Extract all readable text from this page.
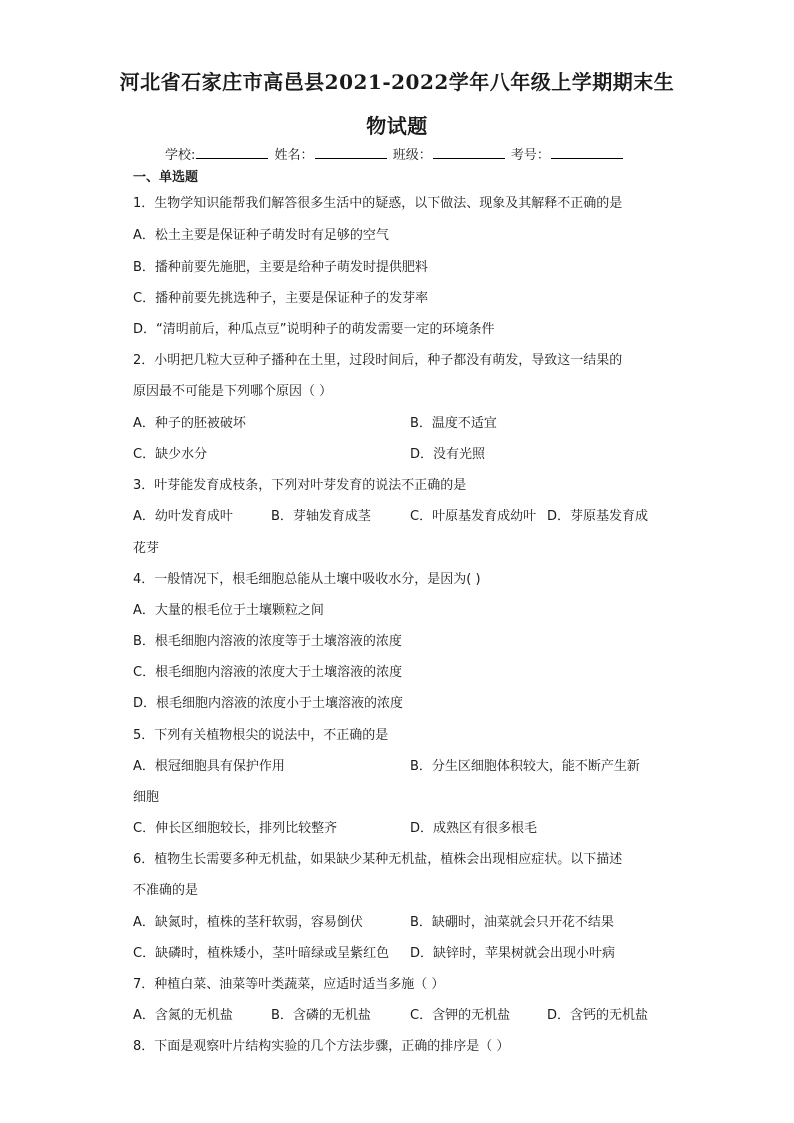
河北省石家庄市高邑县2021-2022学年八年级上学期期末生
物试题
学校:	姓名：	班级：	考号：
一、单选题
1．生物学知识能帮我们解答很多生活中的疑惑，以下做法、现象及其解释不正确的是
A．松土主要是保证种子萌发时有足够的空气
B．播种前要先施肥，主要是给种子萌发时提供肥料
C．播种前要先挑选种子，主要是保证种子的发芽率
D．“清明前后，种瓜点豆”说明种子的萌发需要一定的环境条件
2．小明把几粒大豆种子播种在土里，过段时间后，种子都没有萌发，导致这一结果的
原因最不可能是下列哪个原因（ ）
A．种子的胚被破坏	B．温度不适宜
C．缺少水分	D．没有光照
3．叶芽能发育成枝条，下列对叶芽发育的说法不正确的是
A．幼叶发育成叶	B．芽轴发育成茎	C．叶原基发育成幼叶 D．芽原基发育成
花芽
4．一般情况下，根毛细胞总能从土壤中吸收水分，是因为( )
A．大量的根毛位于土壤颗粒之间
B．根毛细胞内溶液的浓度等于土壤溶液的浓度
C．根毛细胞内溶液的浓度大于土壤溶液的浓度
D．根毛细胞内溶液的浓度小于土壤溶液的浓度
5．下列有关植物根尖的说法中，不正确的是
A．根冠细胞具有保护作用	B．分生区细胞体积较大，能不断产生新
细胞
C．伸长区细胞较长，排列比较整齐	D．成熟区有很多根毛
6．植物生长需要多种无机盐，如果缺少某种无机盐，植株会出现相应症状。以下描述
不准确的是
A．缺氮时，植株的茎秆软弱，容易倒伏	B．缺硼时，油菜就会只开花不结果
C．缺磷时，植株矮小，茎叶暗绿或呈紫红色 D．缺锌时，苹果树就会出现小叶病
7．种植白菜、油菜等叶类蔬菜，应适时适当多施（ ）
A．含氮的无机盐	B．含磷的无机盐	C．含钾的无机盐	D．含钙的无机盐
8．下面是观察叶片结构实验的几个方法步骤，正确的排序是（ ）
